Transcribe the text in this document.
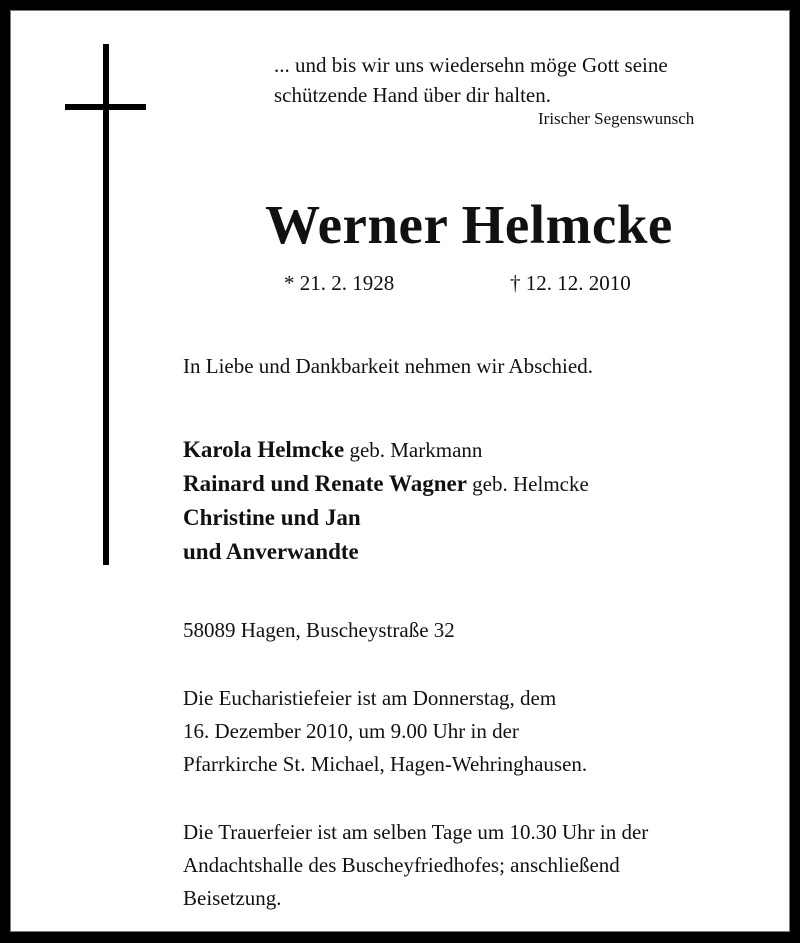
... und bis wir uns wiedersehn möge Gott seine
schützende Hand über dir halten.
Irischer Segenswunsch
Werner Helmcke
* 21. 2. 1928	† 12. 12. 2010
In Liebe und Dankbarkeit nehmen wir Abschied.
Karola Helmcke geb. Markmann
Rainard und Renate Wagner geb. Helmcke
Christine und Jan
und Anverwandte
58089 Hagen, Buscheystraße 32
Die Eucharistiefeier ist am Donnerstag, dem
16. Dezember 2010, um 9.00 Uhr in der
Pfarrkirche St. Michael, Hagen-Wehringhausen.
Die Trauerfeier ist am selben Tage um 10.30 Uhr in der
Andachtshalle des Buscheyfriedhofes; anschließend
Beisetzung.
